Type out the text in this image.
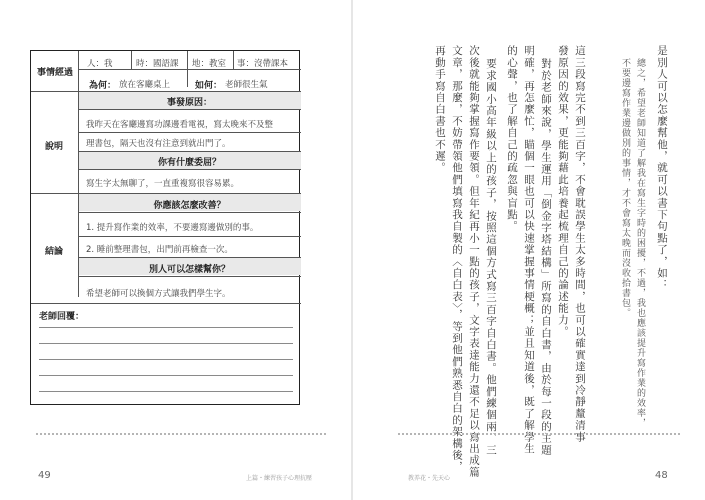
事情經過
人：我	時：國語課 地：教室 事：沒帶課本
為何： 放在客廳桌上	如何： 老師很生氣
事發原因：
我昨天在客廳邊寫功課邊看電視，寫太晚來不及整
理書包，隔天也沒有注意到就出門了。
說明
你有什麼委屈？
寫生字太無聊了，一直重複寫很容易累。
你應該怎麼改善？
1. 提升寫作業的效率，不要邊寫邊做別的事。
2. 睡前整理書包，出門前再檢查一次。
結論
別人可以怎樣幫你？
希望老師可以換個方式讓我們學生字。
老師回覆：
49	上篇・練習孩子心理抗壓
是別人可以怎麼幫他，就可以書下句點了，如：
總之，希望老師知道了解我在寫生字時的困擾，不過，我也應該提升寫作業的效率，
不要邊寫作業邊做別的事情，才不會寫太晚而沒收拾書包。
這三段寫完不到三百字，不會耽誤學生太多時間，也可以確實達到冷靜釐清事
發原因的效果，更能夠藉此培養起梳理自己的論述能力。
對於老師來說，學生運用「倒金字塔結構」所寫的自白書，由於每一段的主題
明確，再怎麼忙，瞄個一眼也可以快速掌握事情梗概；並且知道後，既了解學生
的心聲，也了解自己的疏忽與盲點。
要求國小高年級以上的孩子，按照這個方式寫三百字自白書。他們練個兩、三
次後就能夠掌握寫作要領。但年紀再小一點的孩子，文字表達能力還不足以寫出成篇
文章，那麼，不妨帶領他們填寫我自製的〈自白表〉，等到他們熟悉自白的架構後，
再動手寫自白書也不遲。
教养花・先天心	48
